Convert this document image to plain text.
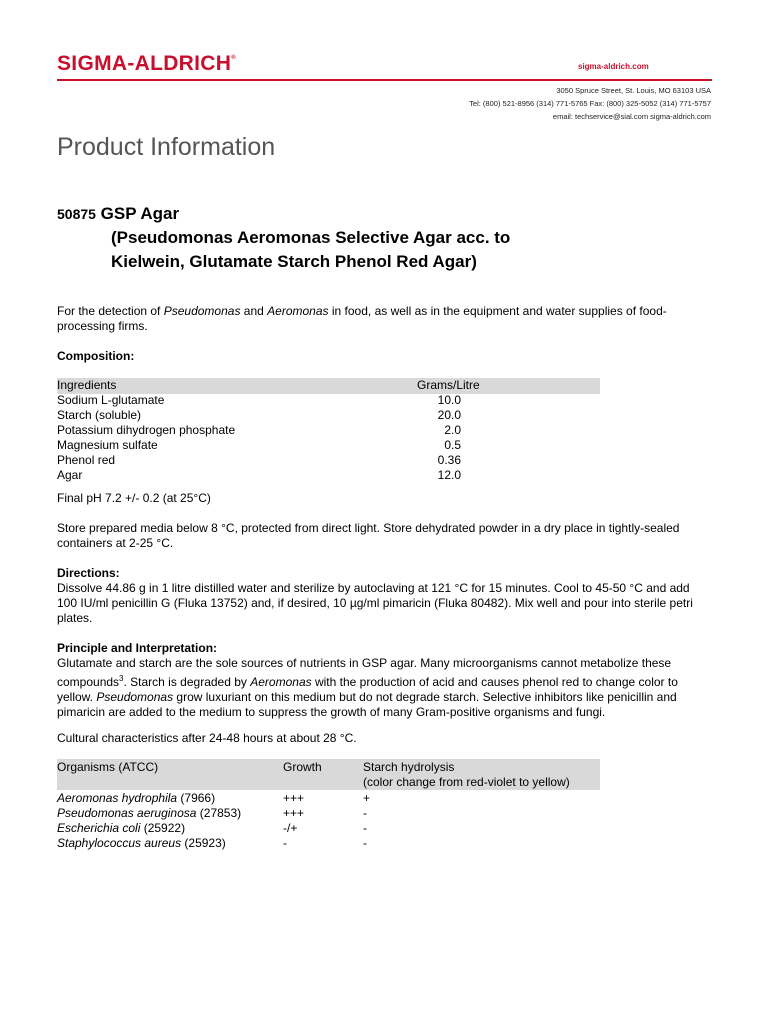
SIGMA-ALDRICH®
sigma-aldrich.com
3050 Spruce Street, St. Louis, MO 63103 USA
Tel: (800) 521-8956 (314) 771-5765 Fax: (800) 325-5052 (314) 771-5757
email: techservice@sial.com sigma-aldrich.com
Product Information
50875 GSP Agar
(Pseudomonas Aeromonas Selective Agar acc. to
Kielwein, Glutamate Starch Phenol Red Agar)
For the detection of Pseudomonas and Aeromonas in food, as well as in the equipment and water supplies of food-processing firms.
Composition:
Ingredients	Grams/Litre
Sodium L-glutamate	10.0
Starch (soluble)	20.0
Potassium dihydrogen phosphate	2.0
Magnesium sulfate	0.5
Phenol red	0.36
Agar	12.0
Final pH 7.2 +/- 0.2 (at 25°C)
Store prepared media below 8 °C, protected from direct light. Store dehydrated powder in a dry place in tightly-sealed containers at 2-25 °C.
Directions:
Dissolve 44.86 g in 1 litre distilled water and sterilize by autoclaving at 121 °C for 15 minutes. Cool to 45-50 °C and add 100 IU/ml penicillin G (Fluka 13752) and, if desired, 10 µg/ml pimaricin (Fluka 80482). Mix well and pour into sterile petri plates.
Principle and Interpretation:
Glutamate and starch are the sole sources of nutrients in GSP agar. Many microorganisms cannot metabolize these compounds$^3$. Starch is degraded by Aeromonas with the production of acid and causes phenol red to change color to yellow. Pseudomonas grow luxuriant on this medium but do not degrade starch. Selective inhibitors like penicillin and pimaricin are added to the medium to suppress the growth of many Gram-positive organisms and fungi.
Cultural characteristics after 24-48 hours at about 28 °C.
Organisms (ATCC)	Growth	Starch hydrolysis
(color change from red-violet to yellow)
Aeromonas hydrophila (7966)	+++	+
Pseudomonas aeruginosa (27853)	+++	-
Escherichia coli (25922)	-/+	-
Staphylococcus aureus (25923)	-	-
